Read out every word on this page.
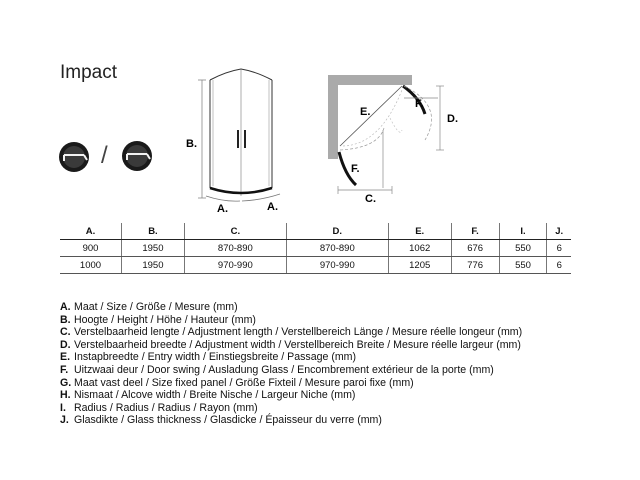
Impact
/	B.
A.	A.
E.
F.
F.
D.
C.
A.	B.	C.	D.	E.	F.	I.	J.
900	1950	870-890	870-890	1062	676	550	6
1000	1950	970-990	970-990	1205	776	550	6
A. Maat / Size / Größe / Mesure (mm)
B. Hoogte / Height / Höhe / Hauteur (mm)
C. Verstelbaarheid lengte / Adjustment length / Verstellbereich Länge / Mesure réelle longeur (mm)
D. Verstelbaarheid breedte / Adjustment width / Verstellbereich Breite / Mesure réelle largeur (mm)
E. Instapbreedte / Entry width / Einstiegsbreite / Passage (mm)
F. Uitzwaai deur / Door swing / Ausladung Glass / Encombrement extérieur de la porte (mm)
G. Maat vast deel / Size fixed panel / Größe Fixteil / Mesure paroi fixe (mm)
H. Nismaat / Alcove width / Breite Nische / Largeur Niche (mm)
I. Radius / Radius / Radius / Rayon (mm)
J. Glasdikte / Glass thickness / Glasdicke / Épaisseur du verre (mm)
